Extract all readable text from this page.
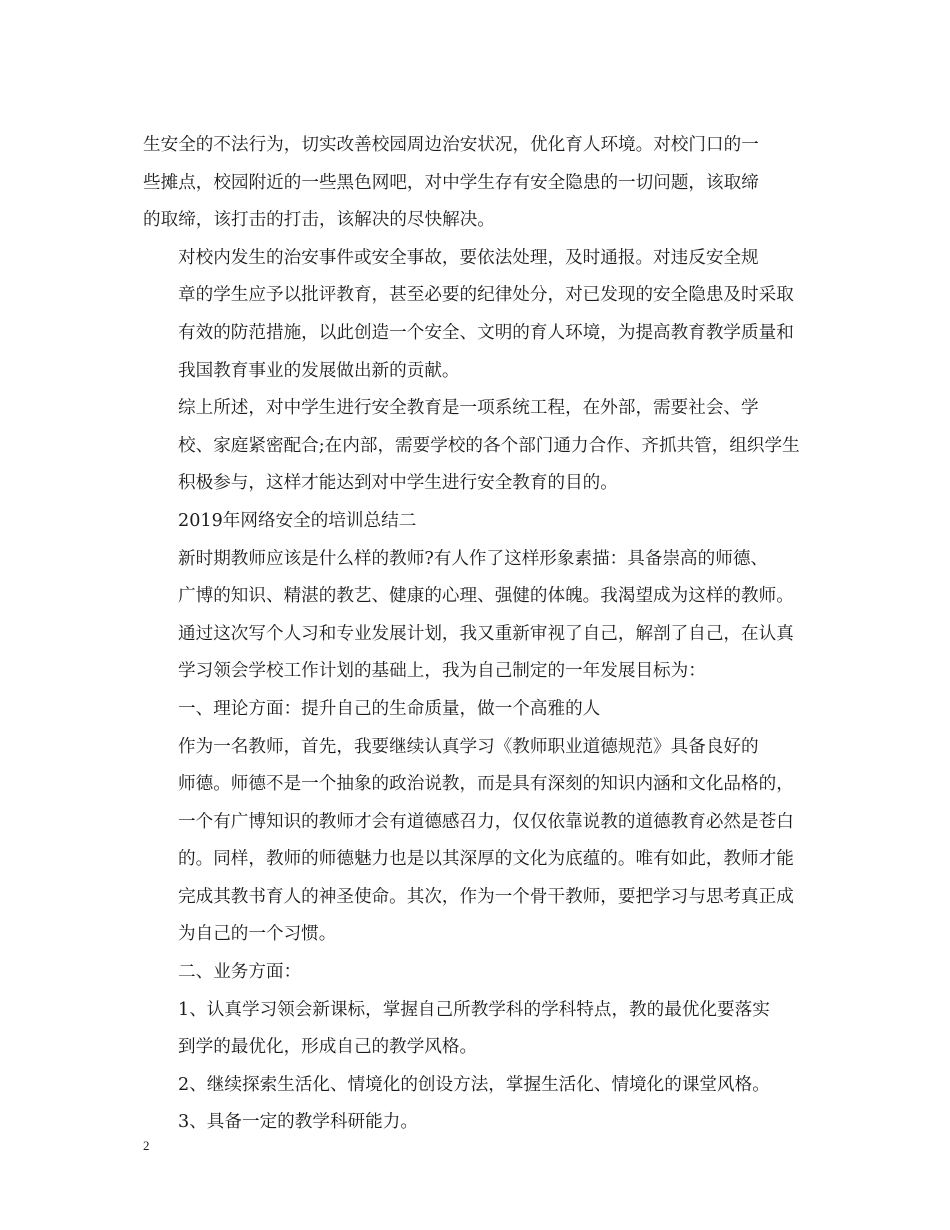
生安全的不法行为，切实改善校园周边治安状况，优化育人环境。对校门口的一
些摊点，校园附近的一些黑色网吧，对中学生存有安全隐患的一切问题，该取缔
的取缔，该打击的打击，该解决的尽快解决。

对校内发生的治安事件或安全事故，要依法处理，及时通报。对违反安全规
章的学生应予以批评教育，甚至必要的纪律处分，对已发现的安全隐患及时采取
有效的防范措施，以此创造一个安全、文明的育人环境，为提高教育教学质量和
我国教育事业的发展做出新的贡献。

综上所述，对中学生进行安全教育是一项系统工程，在外部，需要社会、学
校、家庭紧密配合;在内部，需要学校的各个部门通力合作、齐抓共管，组织学生
积极参与，这样才能达到对中学生进行安全教育的目的。

2019年网络安全的培训总结二

新时期教师应该是什么样的教师?有人作了这样形象素描：具备崇高的师德、
广博的知识、精湛的教艺、健康的心理、强健的体魄。我渴望成为这样的教师。
通过这次写个人习和专业发展计划，我又重新审视了自己，解剖了自己，在认真
学习领会学校工作计划的基础上，我为自己制定的一年发展目标为：

一、理论方面：提升自己的生命质量，做一个高雅的人

作为一名教师，首先，我要继续认真学习《教师职业道德规范》具备良好的
师德。师德不是一个抽象的政治说教，而是具有深刻的知识内涵和文化品格的，
一个有广博知识的教师才会有道德感召力，仅仅依靠说教的道德教育必然是苍白
的。同样，教师的师德魅力也是以其深厚的文化为底蕴的。唯有如此，教师才能
完成其教书育人的神圣使命。其次，作为一个骨干教师，要把学习与思考真正成
为自己的一个习惯。

二、业务方面：

1、认真学习领会新课标，掌握自己所教学科的学科特点，教的最优化要落实
到学的最优化，形成自己的教学风格。

2、继续探索生活化、情境化的创设方法，掌握生活化、情境化的课堂风格。

3、具备一定的教学科研能力。

2
